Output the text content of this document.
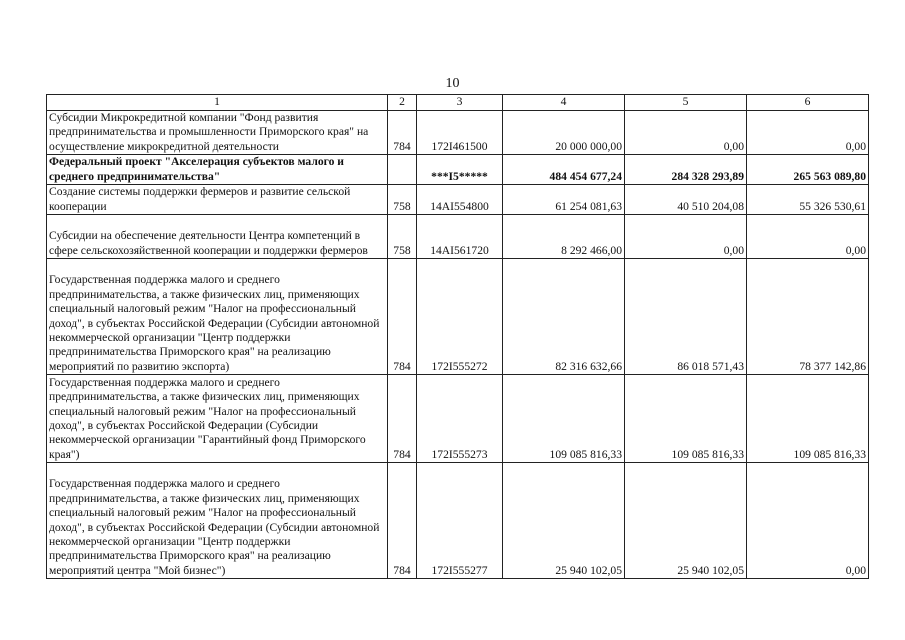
10
1	2	3	4	5	6
Субсидии Микрокредитной компании "Фонд развития предпринимательства и промышленности Приморского края" на осуществление микрокредитной деятельности	784	172I461500	20 000 000,00	0,00	0,00
Федеральный проект "Акселерация субъектов малого и среднего предпринимательства"		***I5*****	484 454 677,24	284 328 293,89	265 563 089,80
Создание системы поддержки фермеров и развитие сельской кооперации	758	14AI554800	61 254 081,63	40 510 204,08	55 326 530,61
Субсидии на обеспечение деятельности Центра компетенций в сфере сельскохозяйственной кооперации и поддержки фермеров	758	14AI561720	8 292 466,00	0,00	0,00
Государственная поддержка малого и среднего предпринимательства, а также физических лиц, применяющих специальный налоговый режим "Налог на профессиональный доход", в субъектах Российской Федерации (Субсидии автономной некоммерческой организации "Центр поддержки предпринимательства Приморского края" на реализацию мероприятий по развитию экспорта)	784	172I555272	82 316 632,66	86 018 571,43	78 377 142,86
Государственная поддержка малого и среднего предпринимательства, а также физических лиц, применяющих специальный налоговый режим "Налог на профессиональный доход", в субъектах Российской Федерации (Субсидии некоммерческой организации "Гарантийный фонд Приморского края")	784	172I555273	109 085 816,33	109 085 816,33	109 085 816,33
Государственная поддержка малого и среднего предпринимательства, а также физических лиц, применяющих специальный налоговый режим "Налог на профессиональный доход", в субъектах Российской Федерации (Субсидии автономной некоммерческой организации "Центр поддержки предпринимательства Приморского края" на реализацию мероприятий центра "Мой бизнес")	784	172I555277	25 940 102,05	25 940 102,05	0,00
